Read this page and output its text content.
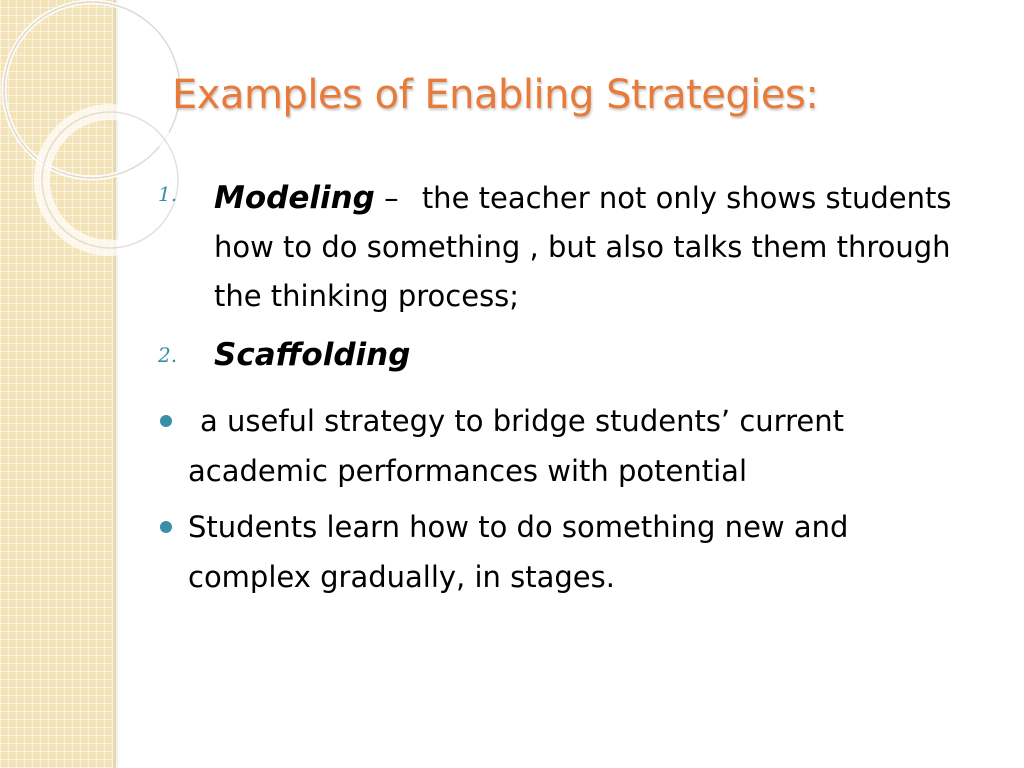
Examples of Enabling Strategies:
1. Modeling – the teacher not only shows students how to do something , but also talks them through the thinking process;
2. Scaffolding
a useful strategy to bridge students’ current academic performances with potential
Students learn how to do something new and complex gradually, in stages.
